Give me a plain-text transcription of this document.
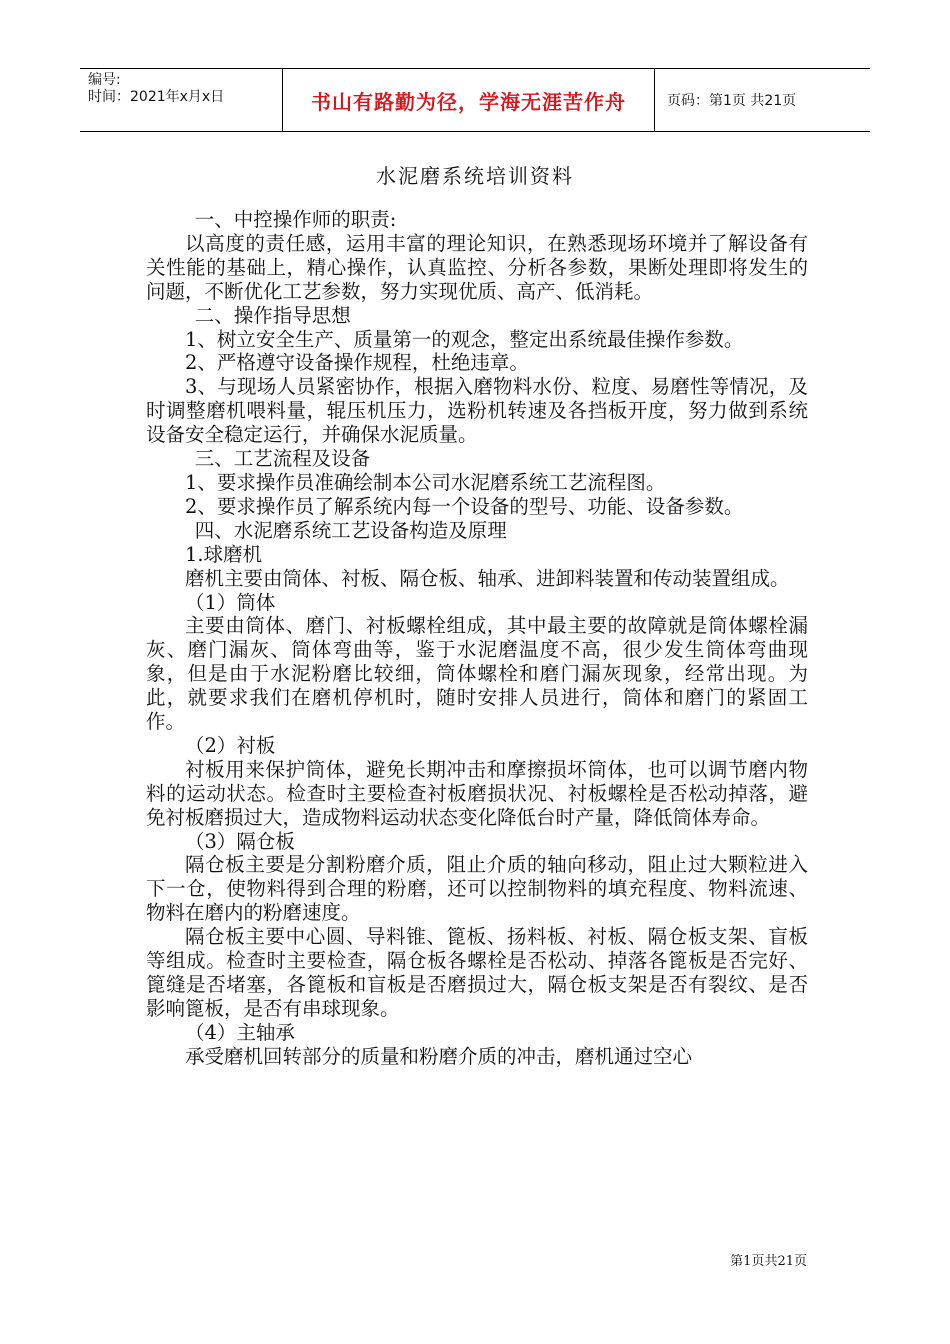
编号:
时间：2021年x月x日	书山有路勤为径，学海无涯苦作舟	页码：第1页 共21页
水泥磨系统培训资料

一、中控操作师的职责:

以高度的责任感，运用丰富的理论知识，在熟悉现场环境并了解设备有关性能的基础上，精心操作，认真监控、分析各参数，果断处理即将发生的问题，不断优化工艺参数，努力实现优质、高产、低消耗。

二、操作指导思想

1、树立安全生产、质量第一的观念，整定出系统最佳操作参数。

2、严格遵守设备操作规程，杜绝违章。

3、与现场人员紧密协作，根据入磨物料水份、粒度、易磨性等情况，及时调整磨机喂料量，辊压机压力，选粉机转速及各挡板开度，努力做到系统设备安全稳定运行，并确保水泥质量。

三、工艺流程及设备

1、要求操作员准确绘制本公司水泥磨系统工艺流程图。

2、要求操作员了解系统内每一个设备的型号、功能、设备参数。

四、水泥磨系统工艺设备构造及原理

1.球磨机

磨机主要由筒体、衬板、隔仓板、轴承、进卸料装置和传动装置组成。

（1）筒体

主要由筒体、磨门、衬板螺栓组成，其中最主要的故障就是筒体螺栓漏灰、磨门漏灰、筒体弯曲等，鉴于水泥磨温度不高，很少发生筒体弯曲现象，但是由于水泥粉磨比较细，筒体螺栓和磨门漏灰现象，经常出现。为此，就要求我们在磨机停机时，随时安排人员进行，筒体和磨门的紧固工作。

（2）衬板

衬板用来保护筒体，避免长期冲击和摩擦损坏筒体，也可以调节磨内物料的运动状态。检查时主要检查衬板磨损状况、衬板螺栓是否松动掉落，避免衬板磨损过大，造成物料运动状态变化降低台时产量，降低筒体寿命。

（3）隔仓板

隔仓板主要是分割粉磨介质，阻止介质的轴向移动，阻止过大颗粒进入下一仓，使物料得到合理的粉磨，还可以控制物料的填充程度、物料流速、物料在磨内的粉磨速度。

隔仓板主要中心圆、导料锥、篦板、扬料板、衬板、隔仓板支架、盲板等组成。检查时主要检查，隔仓板各螺栓是否松动、掉落各篦板是否完好、篦缝是否堵塞，各篦板和盲板是否磨损过大，隔仓板支架是否有裂纹、是否影响篦板，是否有串球现象。

（4）主轴承

承受磨机回转部分的质量和粉磨介质的冲击，磨机通过空心

第1页共21页
